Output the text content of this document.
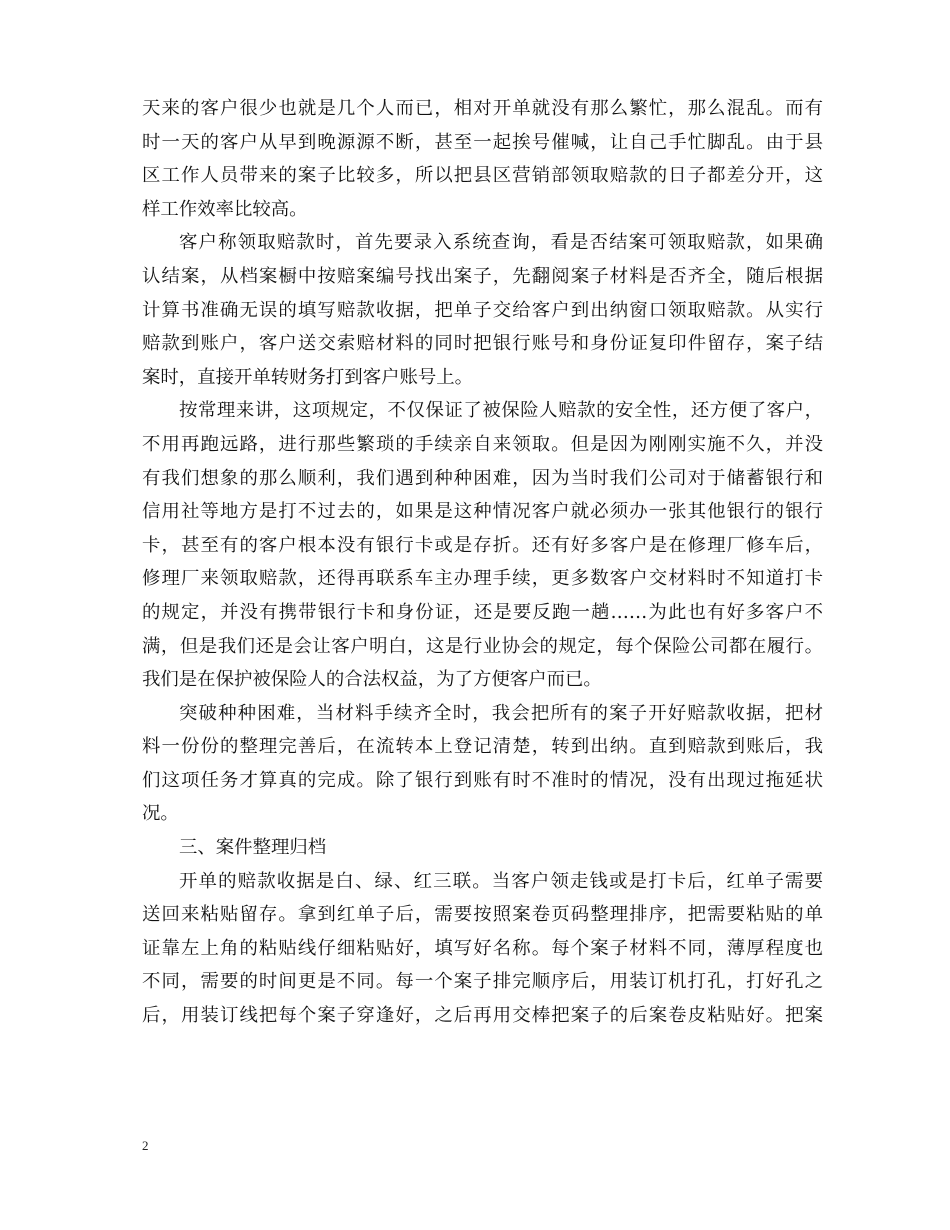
天来的客户很少也就是几个人而已，相对开单就没有那么繁忙，那么混乱。而有
时一天的客户从早到晚源源不断，甚至一起挨号催喊，让自己手忙脚乱。由于县
区工作人员带来的案子比较多，所以把县区营销部领取赔款的日子都差分开，这
样工作效率比较高。
客户称领取赔款时，首先要录入系统查询，看是否结案可领取赔款，如果确
认结案，从档案橱中按赔案编号找出案子，先翻阅案子材料是否齐全，随后根据
计算书准确无误的填写赔款收据，把单子交给客户到出纳窗口领取赔款。从实行
赔款到账户，客户送交索赔材料的同时把银行账号和身份证复印件留存，案子结
案时，直接开单转财务打到客户账号上。
按常理来讲，这项规定，不仅保证了被保险人赔款的安全性，还方便了客户，
不用再跑远路，进行那些繁琐的手续亲自来领取。但是因为刚刚实施不久，并没
有我们想象的那么顺利，我们遇到种种困难，因为当时我们公司对于储蓄银行和
信用社等地方是打不过去的，如果是这种情况客户就必须办一张其他银行的银行
卡，甚至有的客户根本没有银行卡或是存折。还有好多客户是在修理厂修车后，
修理厂来领取赔款，还得再联系车主办理手续，更多数客户交材料时不知道打卡
的规定，并没有携带银行卡和身份证，还是要反跑一趟……为此也有好多客户不
满，但是我们还是会让客户明白，这是行业协会的规定，每个保险公司都在履行。
我们是在保护被保险人的合法权益，为了方便客户而已。
突破种种困难，当材料手续齐全时，我会把所有的案子开好赔款收据，把材
料一份份的整理完善后，在流转本上登记清楚，转到出纳。直到赔款到账后，我
们这项任务才算真的完成。除了银行到账有时不准时的情况，没有出现过拖延状
况。
三、案件整理归档
开单的赔款收据是白、绿、红三联。当客户领走钱或是打卡后，红单子需要
送回来粘贴留存。拿到红单子后，需要按照案卷页码整理排序，把需要粘贴的单
证靠左上角的粘贴线仔细粘贴好，填写好名称。每个案子材料不同，薄厚程度也
不同，需要的时间更是不同。每一个案子排完顺序后，用装订机打孔，打好孔之
后，用装订线把每个案子穿逢好，之后再用交棒把案子的后案卷皮粘贴好。把案
2
